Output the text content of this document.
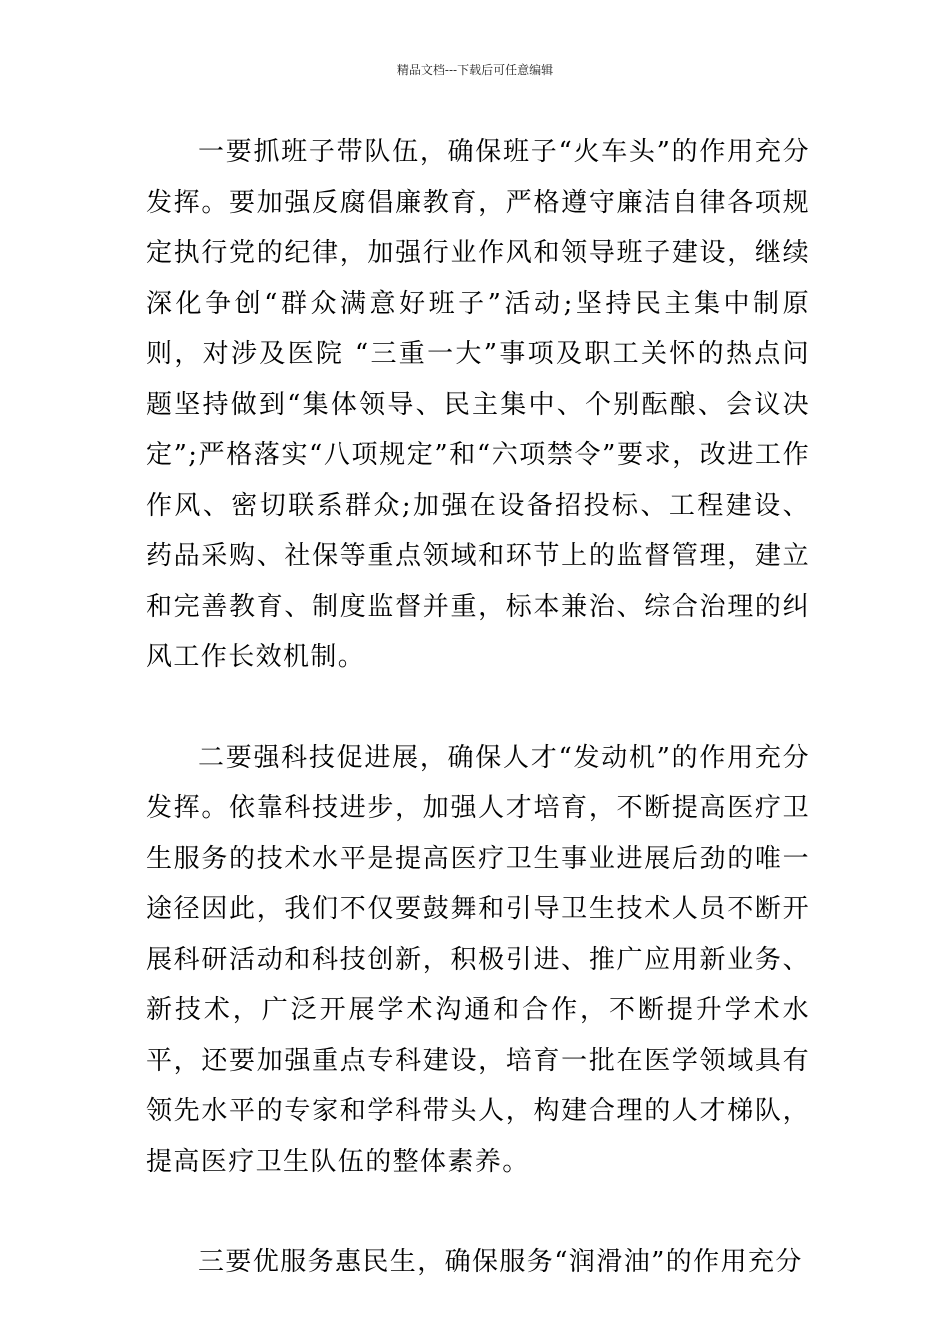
精品文档---下载后可任意编辑

一要抓班子带队伍，确保班子“火车头”的作用充分发挥。要加强反腐倡廉教育，严格遵守廉洁自律各项规定执行党的纪律，加强行业作风和领导班子建设，继续深化争创“群众满意好班子”活动;坚持民主集中制原则，对涉及医院 “三重一大”事项及职工关怀的热点问题坚持做到“集体领导、民主集中、个别酝酿、会议决定”;严格落实“八项规定”和“六项禁令”要求，改进工作作风、密切联系群众;加强在设备招投标、工程建设、药品采购、社保等重点领域和环节上的监督管理，建立和完善教育、制度监督并重，标本兼治、综合治理的纠风工作长效机制。

二要强科技促进展，确保人才“发动机”的作用充分发挥。依靠科技进步，加强人才培育，不断提高医疗卫生服务的技术水平是提高医疗卫生事业进展后劲的唯一途径因此，我们不仅要鼓舞和引导卫生技术人员不断开展科研活动和科技创新，积极引进、推广应用新业务、新技术，广泛开展学术沟通和合作，不断提升学术水平，还要加强重点专科建设，培育一批在医学领域具有领先水平的专家和学科带头人，构建合理的人才梯队，提高医疗卫生队伍的整体素养。

三要优服务惠民生，确保服务“润滑油”的作用充分
